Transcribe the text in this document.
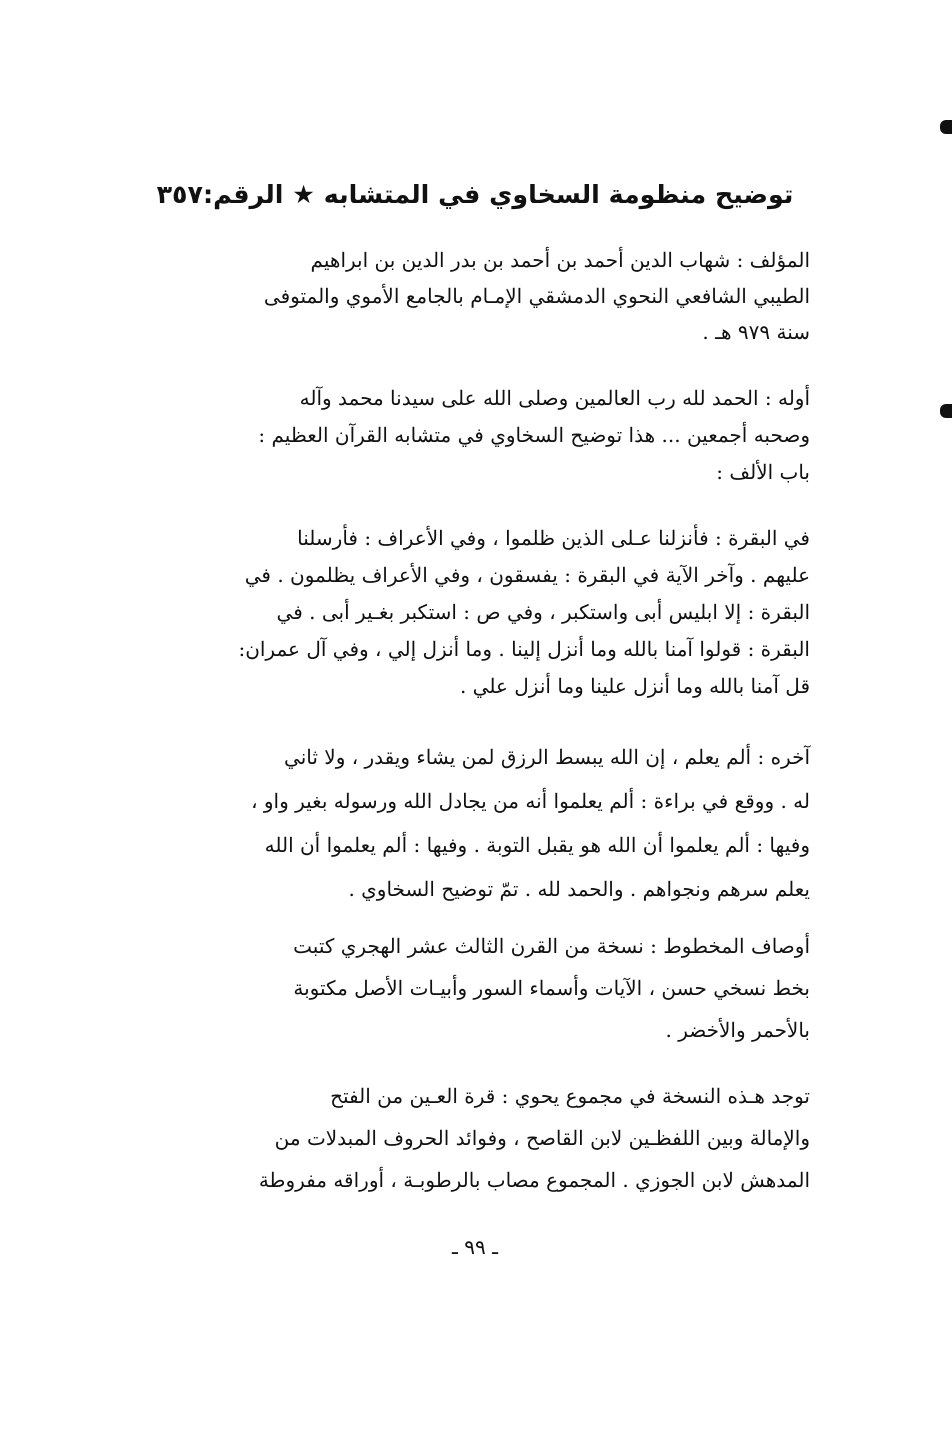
توضيح منظومة السخاوي في المتشابه ★ الرقم:٣٥٧
المؤلف : شهاب الدين أحمد بن أحمد بن بدر الدين بن ابراهيم
الطيبي الشافعي النحوي الدمشقي الإمـام بالجامع الأموي والمتوفى
سنة ٩٧٩ هـ .
أوله : الحمد لله رب العالمين وصلى الله على سيدنا محمد وآله
وصحبه أجمعين ... هذا توضيح السخاوي في متشابه القرآن العظيم :
باب الألف :
في البقرة : فأنزلنا عـلى الذين ظلموا ، وفي الأعراف : فأرسلنا
عليهم . وآخر الآية في البقرة : يفسقون ، وفي الأعراف يظلمون . في
البقرة : إلا ابليس أبى واستكبر ، وفي ص : استكبر بغـير أبى . في
البقرة : قولوا آمنا بالله وما أنزل إلينا . وما أنزل إلي ، وفي آل عمران:
قل آمنا بالله وما أنزل علينا وما أنزل علي .
آخره : ألم يعلم ، إن الله يبسط الرزق لمن يشاء ويقدر ، ولا ثاني
له . ووقع في براءة : ألم يعلموا أنه من يجادل الله ورسوله بغير واو ،
وفيها : ألم يعلموا أن الله هو يقبل التوبة . وفيها : ألم يعلموا أن الله
يعلم سرهم ونجواهم . والحمد لله . تمّ توضيح السخاوي .
أوصاف المخطوط : نسخة من القرن الثالث عشر الهجري كتبت
بخط نسخي حسن ، الآيات وأسماء السور وأبيـات الأصل مكتوبة
بالأحمر والأخضر .
توجد هـذه النسخة في مجموع يحوي : قرة العـين من الفتح
والإمالة وبين اللفظـين لابن القاصح ، وفوائد الحروف المبدلات من
المدهش لابن الجوزي . المجموع مصاب بالرطوبـة ، أوراقه مفروطة
ـ ٩٩ ـ
